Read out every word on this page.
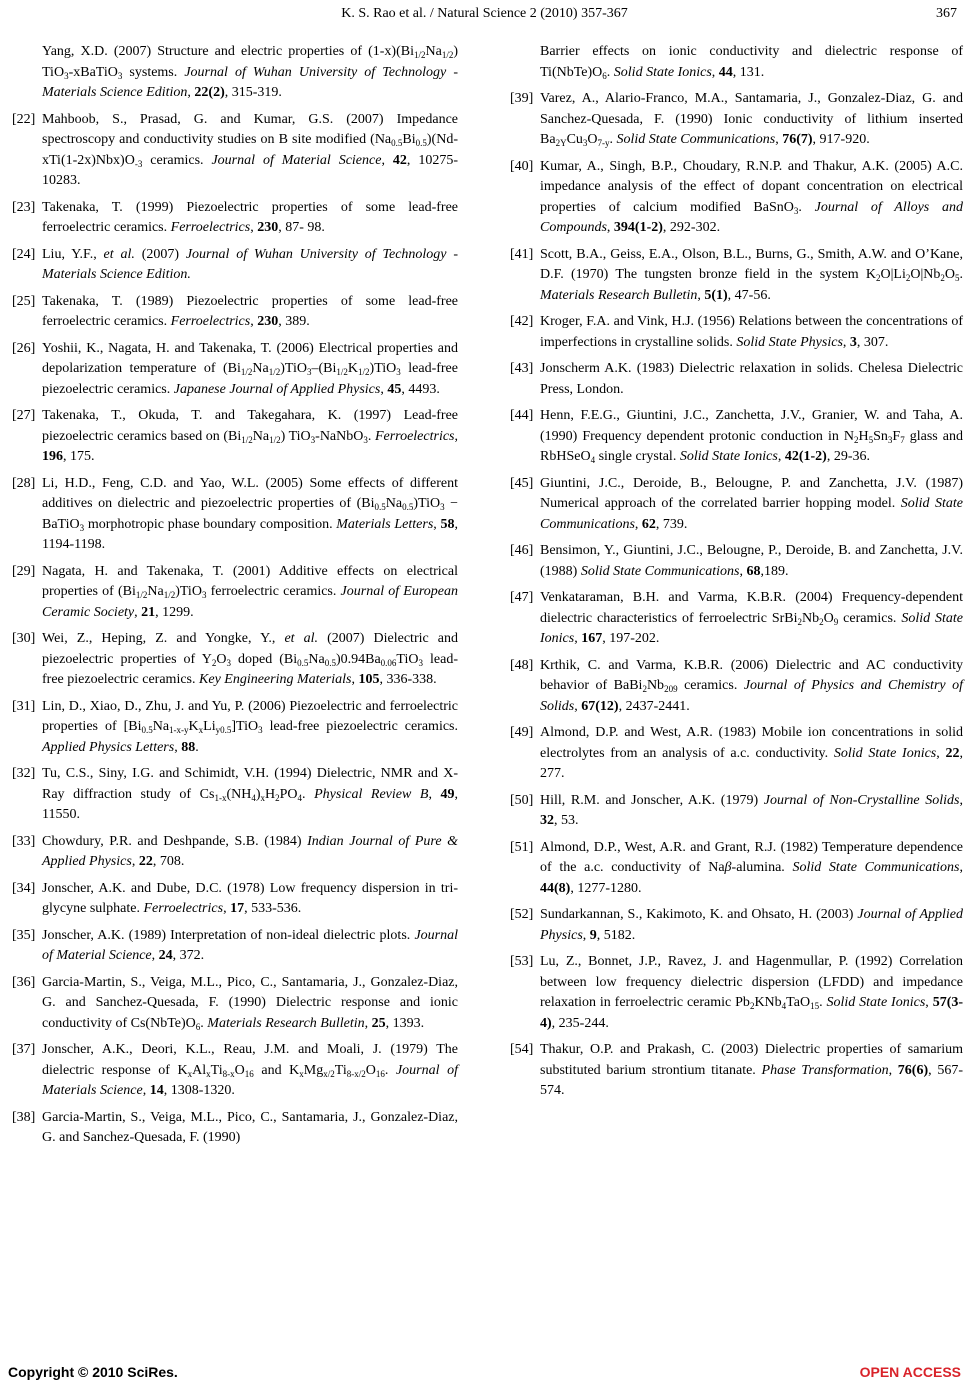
K. S. Rao et al. / Natural Science 2 (2010) 357-367	367
Yang, X.D. (2007) Structure and electric properties of $(1-x)(Bi_{1/2}Na_{1/2})$ TiO$_3$-xBaTiO$_3$ systems. Journal of Wuhan University of Technology - Materials Science Edition, 22(2), 315-319.
[22] Mahboob, S., Prasad, G. and Kumar, G.S. (2007) Impedance spectroscopy and conductivity studies on B site modified $(Na_{0.5}Bi_{0.5})(Nd-xTi(1-2x)Nbx)O_{-3}$ ceramics. Journal of Material Science, 42, 10275-10283.
[23] Takenaka, T. (1999) Piezoelectric properties of some lead-free ferroelectric ceramics. Ferroelectrics, 230, 87- 98.
[24] Liu, Y.F., et al. (2007) Journal of Wuhan University of Technology - Materials Science Edition.
[25] Takenaka, T. (1989) Piezoelectric properties of some lead-free ferroelectric ceramics. Ferroelectrics, 230, 389.
[26] Yoshii, K., Nagata, H. and Takenaka, T. (2006) Electrical properties and depolarization temperature of $(Bi_{1/2}Na_{1/2})TiO_3-(Bi_{1/2}K_{1/2})TiO_3$ lead-free piezoelectric ceramics. Japanese Journal of Applied Physics, 45, 4493.
[27] Takenaka, T., Okuda, T. and Takegahara, K. (1997) Lead-free piezoelectric ceramics based on $(Bi_{1/2}Na_{1/2})$ TiO$_3$-NaNbO$_3$. Ferroelectrics, 196, 175.
[28] Li, H.D., Feng, C.D. and Yao, W.L. (2005) Some effects of different additives on dielectric and piezoelectric properties of $(Bi_{0.5}Na_{0.5})TiO_3$ − BaTiO$_3$ morphotropic phase boundary composition. Materials Letters, 58, 1194-1198.
[29] Nagata, H. and Takenaka, T. (2001) Additive effects on electrical properties of $(Bi_{1/2}Na_{1/2})TiO_3$ ferroelectric ceramics. Journal of European Ceramic Society, 21, 1299.
[30] Wei, Z., Heping, Z. and Yongke, Y., et al. (2007) Dielectric and piezoelectric properties of $Y_2O_3$ doped $(Bi_{0.5}Na_{0.5})0.94Ba_{0.06}TiO_3$ lead-free piezoelectric ceramics. Key Engineering Materials, 105, 336-338.
[31] Lin, D., Xiao, D., Zhu, J. and Yu, P. (2006) Piezoelectric and ferroelectric properties of $[Bi_{0.5}Na_{1-x-y}K_xLi_{y0.5}]TiO_3$ lead-free piezoelectric ceramics. Applied Physics Letters, 88.
[32] Tu, C.S., Siny, I.G. and Schimidt, V.H. (1994) Dielectric, NMR and X-Ray diffraction study of $Cs_{1-x}(NH_4)_xH_2PO_4$. Physical Review B, 49, 11550.
[33] Chowdury, P.R. and Deshpande, S.B. (1984) Indian Journal of Pure & Applied Physics, 22, 708.
[34] Jonscher, A.K. and Dube, D.C. (1978) Low frequency dispersion in tri-glycyne sulphate. Ferroelectrics, 17, 533-536.
[35] Jonscher, A.K. (1989) Interpretation of non-ideal dielectric plots. Journal of Material Science, 24, 372.
[36] Garcia-Martin, S., Veiga, M.L., Pico, C., Santamaria, J., Gonzalez-Diaz, G. and Sanchez-Quesada, F. (1990) Dielectric response and ionic conductivity of $Cs(NbTe)O_6$. Materials Research Bulletin, 25, 1393.
[37] Jonscher, A.K., Deori, K.L., Reau, J.M. and Moali, J. (1979) The dielectric response of $K_xAl_xTi_{8-x}O_{16}$ and $K_xMg_{x/2}Ti_{8-x/2}O_{16}$. Journal of Materials Science, 14, 1308-1320.
[38] Garcia-Martin, S., Veiga, M.L., Pico, C., Santamaria, J., Gonzalez-Diaz, G. and Sanchez-Quesada, F. (1990)
Barrier effects on ionic conductivity and dielectric response of $Ti(NbTe)O_6$. Solid State Ionics, 44, 131.
[39] Varez, A., Alario-Franco, M.A., Santamaria, J., Gonzalez-Diaz, G. and Sanchez-Quesada, F. (1990) Ionic conductivity of lithium inserted $Ba_{2Y}Cu_3O_{7-y}$. Solid State Communications, 76(7), 917-920.
[40] Kumar, A., Singh, B.P., Choudary, R.N.P. and Thakur, A.K. (2005) A.C. impedance analysis of the effect of dopant concentration on electrical properties of calcium modified BaSnO$_3$. Journal of Alloys and Compounds, 394(1-2), 292-302.
[41] Scott, B.A., Geiss, E.A., Olson, B.L., Burns, G., Smith, A.W. and O’Kane, D.F. (1970) The tungsten bronze field in the system $K_2O|Li_2O|Nb_2O_5$. Materials Research Bulletin, 5(1), 47-56.
[42] Kroger, F.A. and Vink, H.J. (1956) Relations between the concentrations of imperfections in crystalline solids. Solid State Physics, 3, 307.
[43] Jonscherm A.K. (1983) Dielectric relaxation in solids. Chelesa Dielectric Press, London.
[44] Henn, F.E.G., Giuntini, J.C., Zanchetta, J.V., Granier, W. and Taha, A. (1990) Frequency dependent protonic conduction in $N_2H_5Sn_3F_7$ glass and RbHSeO$_4$ single crystal. Solid State Ionics, 42(1-2), 29-36.
[45] Giuntini, J.C., Deroide, B., Belougne, P. and Zanchetta, J.V. (1987) Numerical approach of the correlated barrier hopping model. Solid State Communications, 62, 739.
[46] Bensimon, Y., Giuntini, J.C., Belougne, P., Deroide, B. and Zanchetta, J.V. (1988) Solid State Communications, 68,189.
[47] Venkataraman, B.H. and Varma, K.B.R. (2004) Frequency-dependent dielectric characteristics of ferroelectric $SrBi_2Nb_2O_9$ ceramics. Solid State Ionics, 167, 197-202.
[48] Krthik, C. and Varma, K.B.R. (2006) Dielectric and AC conductivity behavior of $BaBi_2Nb_{209}$ ceramics. Journal of Physics and Chemistry of Solids, 67(12), 2437-2441.
[49] Almond, D.P. and West, A.R. (1983) Mobile ion concentrations in solid electrolytes from an analysis of a.c. conductivity. Solid State Ionics, 22, 277.
[50] Hill, R.M. and Jonscher, A.K. (1979) Journal of Non-Crystalline Solids, 32, 53.
[51] Almond, D.P., West, A.R. and Grant, R.J. (1982) Temperature dependence of the a.c. conductivity of Naβ-alumina. Solid State Communications, 44(8), 1277-1280.
[52] Sundarkannan, S., Kakimoto, K. and Ohsato, H. (2003) Journal of Applied Physics, 9, 5182.
[53] Lu, Z., Bonnet, J.P., Ravez, J. and Hagenmullar, P. (1992) Correlation between low frequency dielectric dispersion (LFDD) and impedance relaxation in ferroelectric ceramic $Pb_2KNb_4TaO_{15}$. Solid State Ionics, 57(3-4), 235-244.
[54] Thakur, O.P. and Prakash, C. (2003) Dielectric properties of samarium substituted barium strontium titanate. Phase Transformation, 76(6), 567-574.
Copyright © 2010 SciRes.	OPEN ACCESS
